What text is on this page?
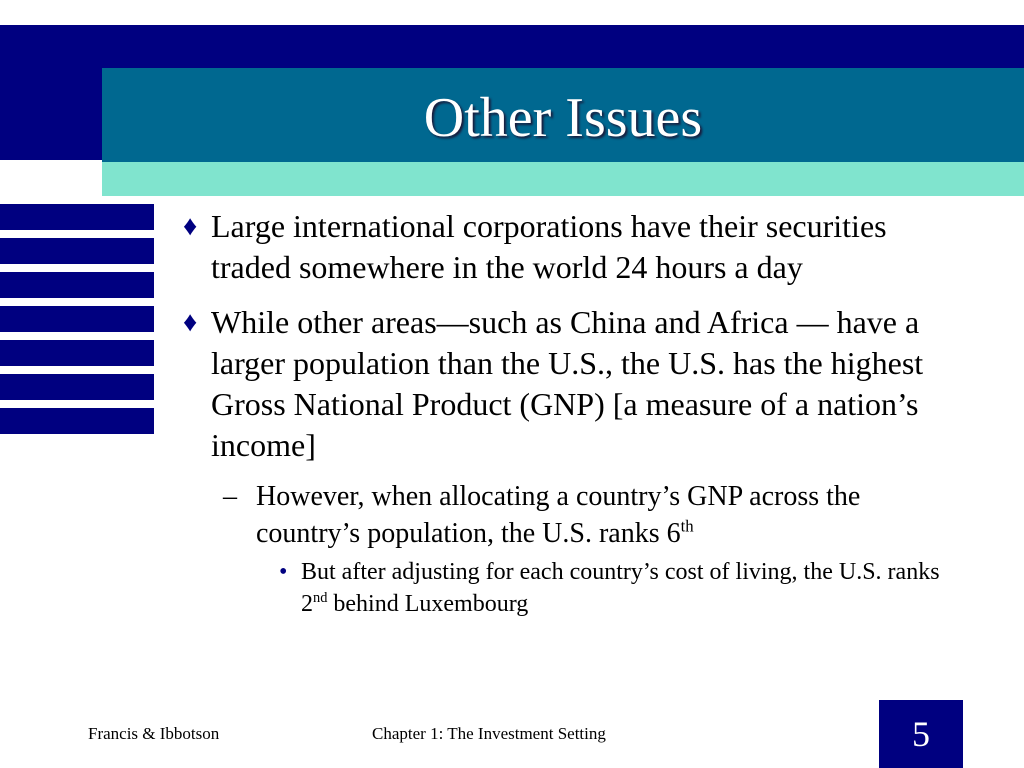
Other Issues
♦ Large international corporations have their securities traded somewhere in the world 24 hours a day
♦ While other areas—such as China and Africa — have a larger population than the U.S., the U.S. has the highest Gross National Product (GNP) [a measure of a nation’s income]
– However, when allocating a country’s GNP across the country’s population, the U.S. ranks 6th
• But after adjusting for each country’s cost of living, the U.S. ranks 2nd behind Luxembourg
Francis & Ibbotson	Chapter 1: The Investment Setting	5
